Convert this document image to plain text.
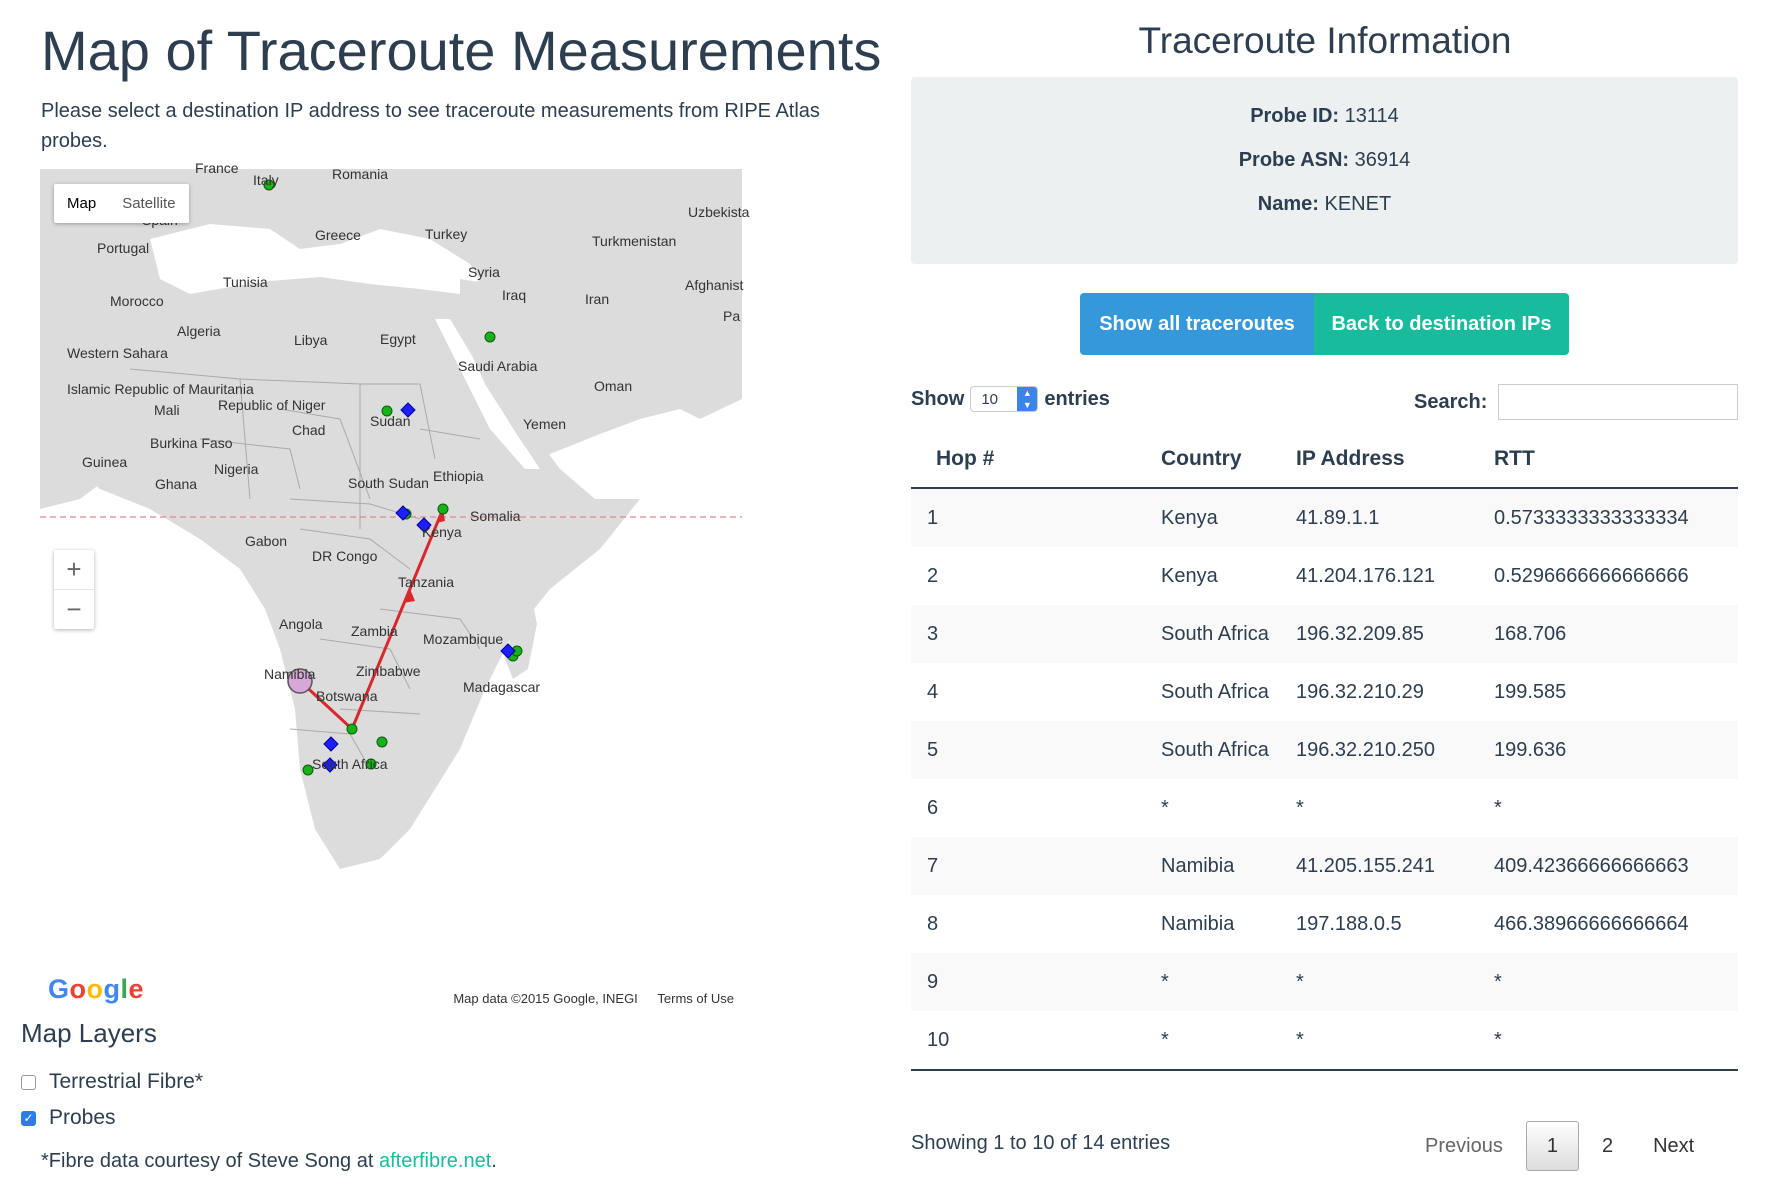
Map of Traceroute Measurements

Please select a destination IP address to see traceroute measurements from RIPE Atlas probes.

France	Romania
Italy
Uzbekista
Greece	Turkey	Turkmenistan
Portugal
Syria
Afghanist
Tunisia
Iraq	Iran
Morocco
Pa
Algeria
Libya	Egypt
Western Sahara
Saudi Arabia
Oman
Islamic Republic of Mauritania
Mali	Republic of Niger
Chad
Sudan	Yemen
Burkina Faso
Guinea
Ghana
Nigeria
South Sudan Ethiopia
Somalia
Gabon
Kenya
DR Congo
Tanzania
Angola Zambia Mozambique
Namibia	Zimbabwe
Madagascar
Botswana
South Africa
Map	Satellite
+
−
Google	Map data ©2015 Google, INEGI Terms of Use
Map Layers
Terrestrial Fibre*
✓ Probes
*Fibre data courtesy of Steve Song at afterfibre.net.
Traceroute Information
Probe ID: 13114
Probe ASN: 36914
Name: KENET
Show all traceroutes	Back to destination IPs
Show	10	▲
▼ entries	Search:
Hop #	Country	IP Address	RTT
1	Kenya	41.89.1.1	0.5733333333333334
2	Kenya	41.204.176.121	0.5296666666666666
3	South Africa	196.32.209.85	168.706
4	South Africa	196.32.210.29	199.585
5	South Africa	196.32.210.250	199.636
6	*	*	*
7	Namibia	41.205.155.241	409.42366666666663
8	Namibia	197.188.0.5	466.38966666666664
9	*	*	*
10	*	*	*
Showing 1 to 10 of 14 entries	Previous	1	2	Next
